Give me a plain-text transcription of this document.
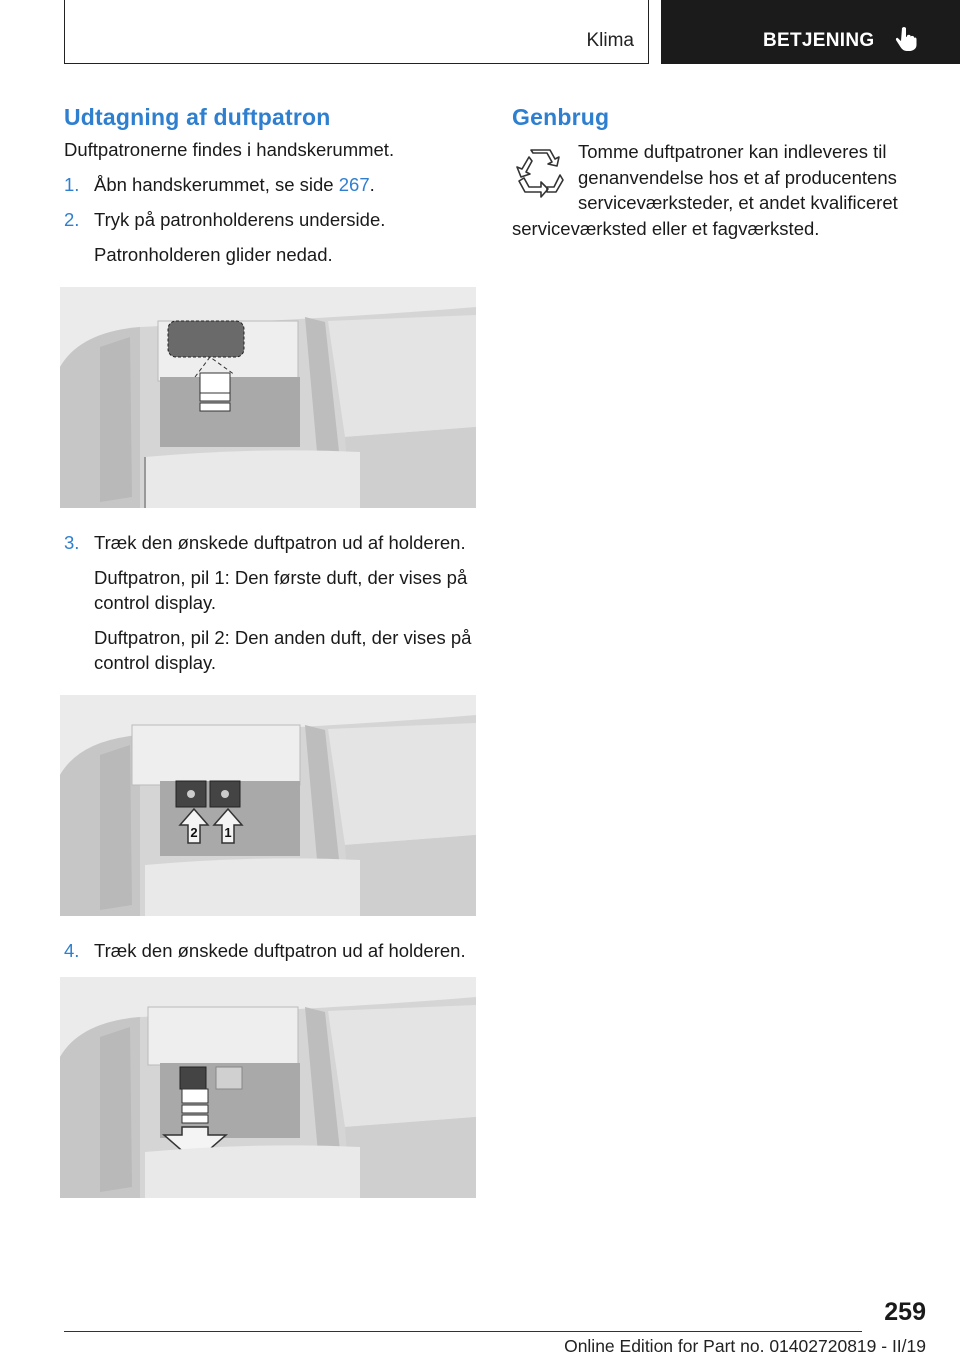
Klima	BETJENING
Udtagning af duftpatron

Duftpatronerne findes i handskerummet.

1. Åbn handskerummet, se side 267.

2. Tryk på patronholderens underside.

Patronholderen glider nedad.

3. Træk den ønskede duftpatron ud af holderen.

Duftpatron, pil 1: Den første duft, der vises på control display.

Duftpatron, pil 2: Den anden duft, der vises på control display.

2 1

4. Træk den ønskede duftpatron ud af holderen.

Genbrug

Tomme duftpatroner kan indleveres til genanvendelse hos et af producentens serviceværksteder, et andet kvalificeret

serviceværksted eller et fagværksted.

259
Online Edition for Part no. 01402720819 - II/19
